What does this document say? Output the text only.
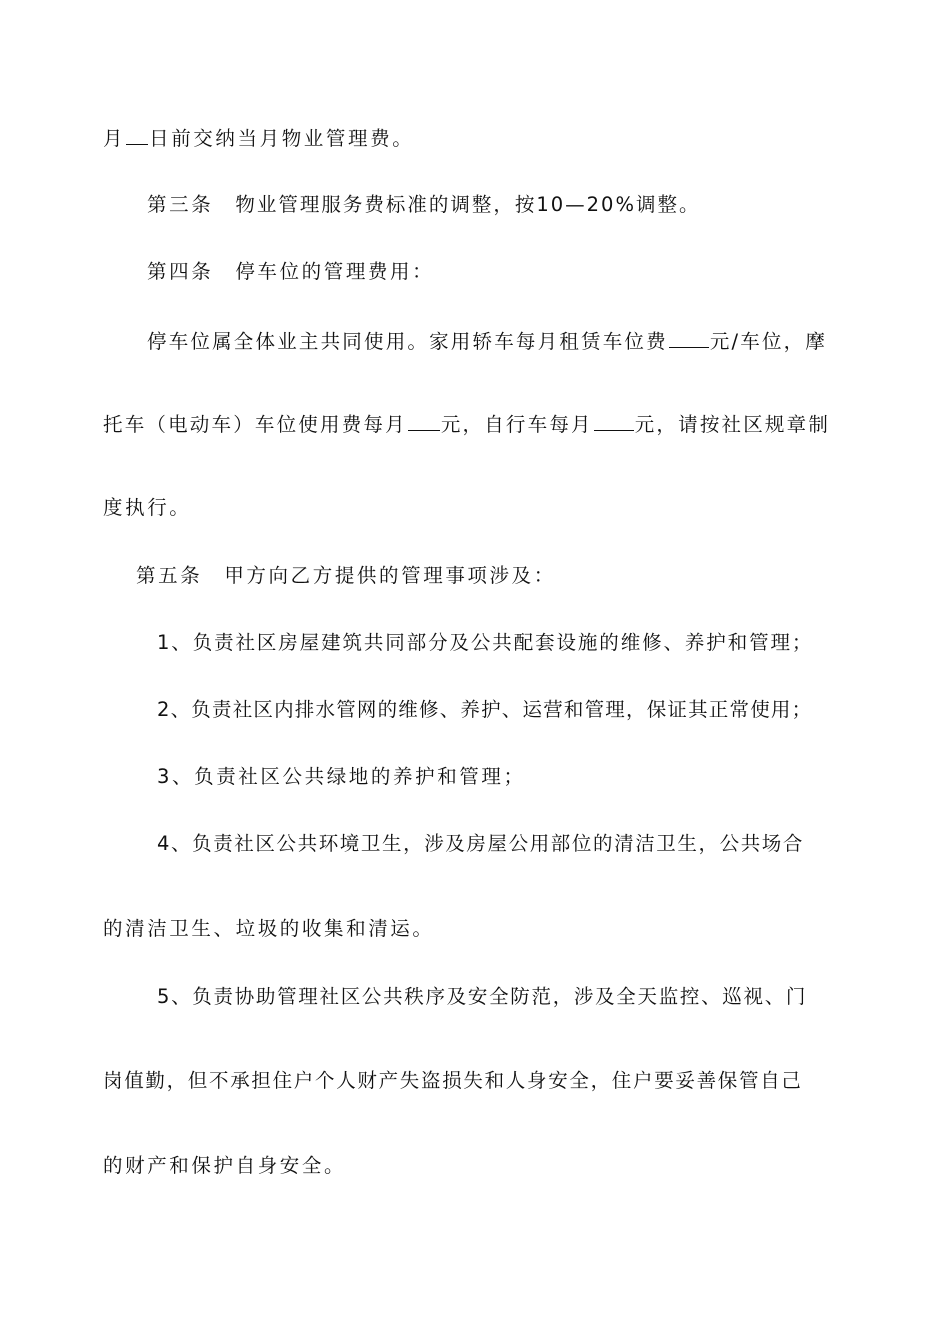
月 日前交纳当月物业管理费。
第三条 物业管理服务费标准的调整，按10—20%调整。
第四条 停车位的管理费用：
停车位属全体业主共同使用。家用轿车每月租赁车位费 元/车位，摩
托车（电动车）车位使用费每月 元，自行车每月 元，请按社区规章制
度执行。
第五条 甲方向乙方提供的管理事项涉及：
1、负责社区房屋建筑共同部分及公共配套设施的维修、养护和管理；
2、负责社区内排水管网的维修、养护、运营和管理，保证其正常使用；
3、负责社区公共绿地的养护和管理；
4、负责社区公共环境卫生，涉及房屋公用部位的清洁卫生，公共场合
的清洁卫生、垃圾的收集和清运。
5、负责协助管理社区公共秩序及安全防范，涉及全天监控、巡视、门
岗值勤，但不承担住户个人财产失盗损失和人身安全，住户要妥善保管自己
的财产和保护自身安全。
